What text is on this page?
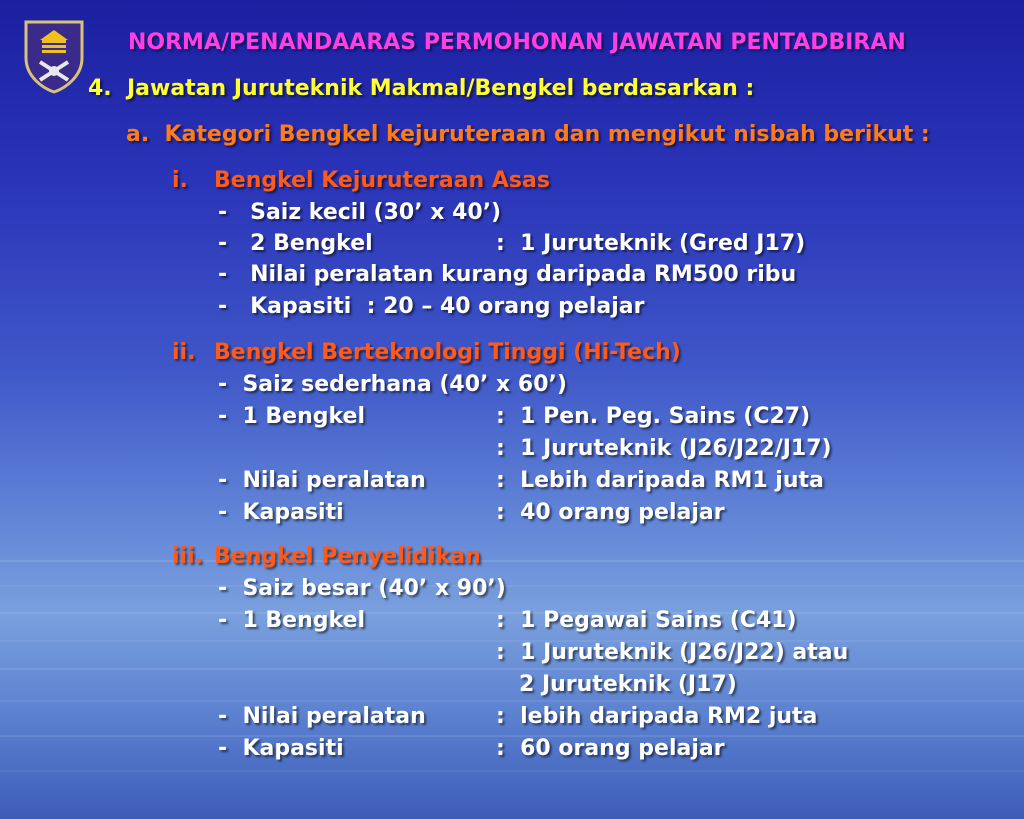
NORMA/PENANDAARAS PERMOHONAN JAWATAN PENTADBIRAN
4.  Jawatan Juruteknik Makmal/Bengkel berdasarkan :
a.  Kategori Bengkel kejuruteraan dan mengikut nisbah berikut :
i. Bengkel Kejuruteraan Asas
-   Saiz kecil (30’ x 40’)
-   2 Bengkel	:  1 Juruteknik (Gred J17)
-   Nilai peralatan kurang daripada RM500 ribu
-   Kapasiti  : 20 – 40 orang pelajar
ii. Bengkel Berteknologi Tinggi (Hi-Tech)
-  Saiz sederhana (40’ x 60’)
-  1 Bengkel	:  1 Pen. Peg. Sains (C27)
:  1 Juruteknik (J26/J22/J17)
-  Nilai peralatan	:  Lebih daripada RM1 juta
-  Kapasiti	:  40 orang pelajar
iii. Bengkel Penyelidikan
-  Saiz besar (40’ x 90’)
-  1 Bengkel	:  1 Pegawai Sains (C41)
:  1 Juruteknik (J26/J22) atau
2 Juruteknik (J17)
-  Nilai peralatan	:  lebih daripada RM2 juta
-  Kapasiti	:  60 orang pelajar
